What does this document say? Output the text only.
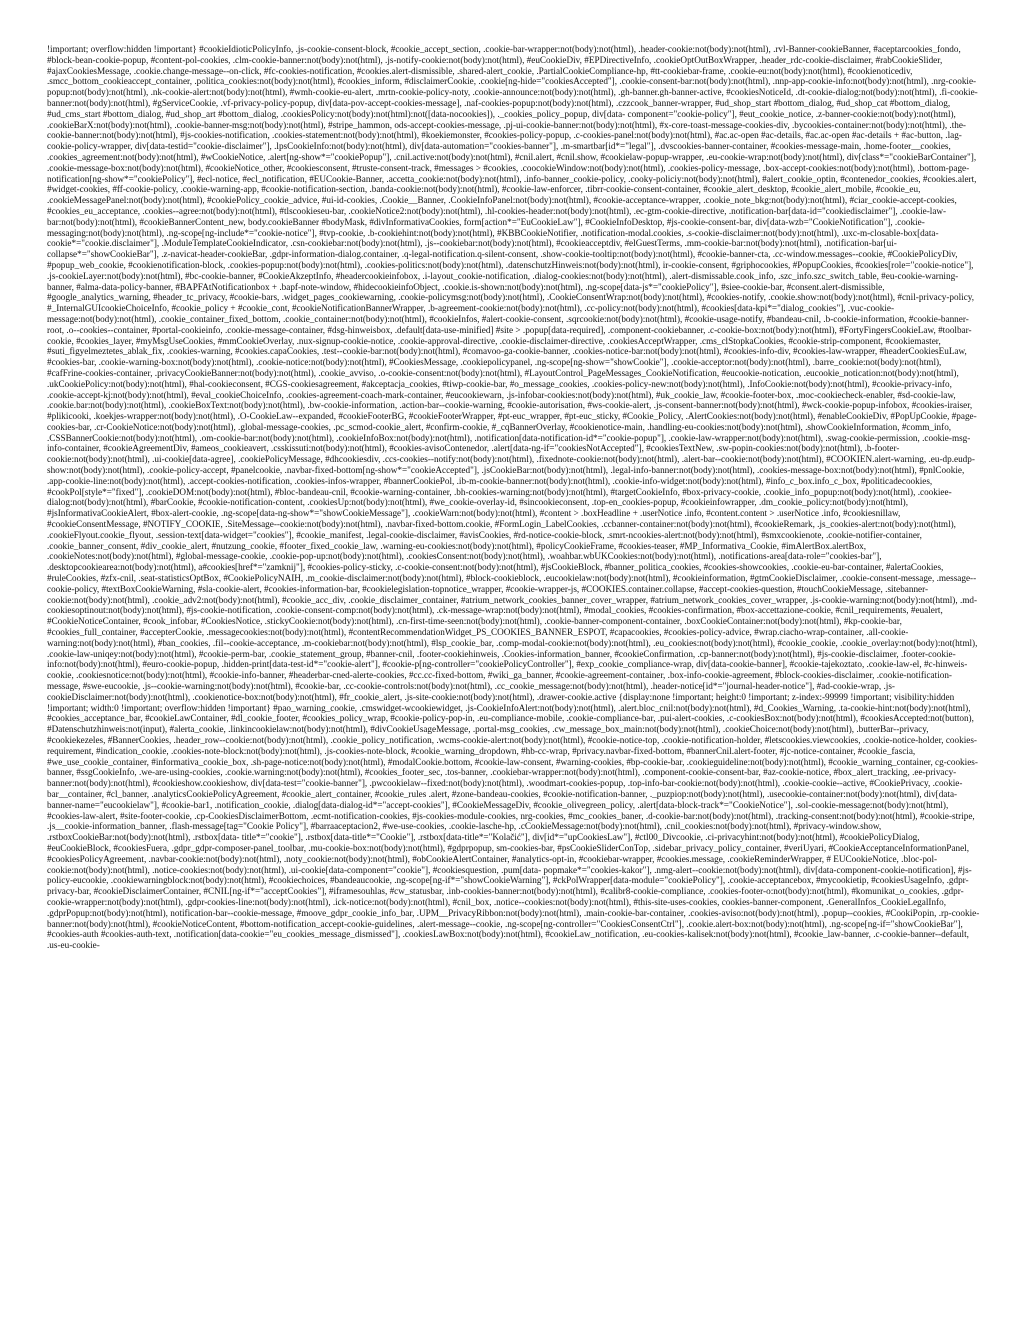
!important; overflow:hidden !important} #cookieIdioticPolicyInfo, .js-cookie-consent-block, #cookie_accept_section, .cookie-bar-wrapper:not(body):not(html), .header-cookie:not(body):not(html), .rvl-Banner-cookieBanner, #aceptarcookies_fondo, #block-bean-cookie-popup, #content-pol-cookies, .clm-cookie-banner:not(body):not(html), .js-notify-cookie:not(body):not(html), #euCookieDiv, #EPDirectiveInfo, .cookieOptOutBoxWrapper, .header_rdc-cookie-disclaimer, #rabCookieSlider, #ajaxCookiesMessage, .cookie.change-message--on-click, #fc-cookies-notification, #cookies.alert-dismissible, .shared-alert_cookie, .PartialCookieCompliance-hp, #tt-cookiebar-frame, .cookie-eu:not(body):not(html), #cookienoticediv, .smcc_bottom_cookieaccept_container, .politica_cookies:not(body):not(html), #cookies_inform, #disclaimerCookie, .cookie[ng-hide="cookiesAccepted"], .cookie-consent-bar:not(body):not(html), .nnp-app-cookie-info:not(body):not(html), .nrg-cookie-popup:not(body):not(html), .nk-cookie-alert:not(body):not(html), #wmh-cookie-eu-alert, .mrtn-cookie-policy-noty, .cookie-announce:not(body):not(html), .gh-banner.gh-banner-active, #cookiesNoticeId, .dt-cookie-dialog:not(body):not(html), .fi-cookie-banner:not(body):not(html), #gServiceCookie, .vf-privacy-policy-popup, div[data-pov-accept-cookies-message], .naf-cookies-popup:not(body):not(html), .czzcook_banner-wrapper, #ud_shop_start #bottom_dialog, #ud_shop_cat #bottom_dialog, #ud_cms_start #bottom_dialog, #ud_shop_art #bottom_dialog, .cookiesPolicy:not(body):not(html):not([data-nocookies]), ._cookies_policy_popup, div[data- component="cookie-policy"], #eut_cookie_notice, .z-banner-cookie:not(body):not(html), .cookieBarX:not(body):not(html), .cookie-banner-msg:not(body):not(html), #stripe_hammon, ods-accept-cookies-message, .pj-ui-cookie-banner:not(body):not(html), #x-core-toast-message-cookies-div, .bycookies-container:not(body):not(html), .the-cookie-banner:not(body):not(html), #js-cookies-notification, .cookies-statement:not(body):not(html), #koekiemonster, #cookies-policy-popup, .c-cookies-panel:not(body):not(html), #ac.ac-open #ac-details, #ac.ac-open #ac-details + #ac-button, .lag-cookie-policy-wrapper, div[data-testid="cookie-disclaimer"], .lpsCookieInfo:not(body):not(html), div[data-automation="cookies-banner"], .m-smartbar[id*="legal"], .dvscookies-banner-container, #cookies-message-main, .home-footer__cookies, .cookies_agreement:not(body):not(html), #wCookieNotice, .alert[ng-show*="cookiePopup"], .cnil.active:not(body):not(html), #cnil.alert, #cnil.show, #cookielaw-popup-wrapper, .eu-cookie-wrap:not(body):not(html), div[class*="cookieBarContainer"], .cookie-message-box:not(body):not(html), #cookieNotice_other, #cookiesconsent, #truste-consent-track, #messages > #cookies, .coocokieWindow:not(body):not(html), .cookies-policy-message, .box-accept-cookies:not(body):not(html), .bottom-page-notification[ng-show*="cookiePolicy"], #ecl-notice, #ecl_notification, #EUCookie-Banner, .accetta_cookie:not(body):not(html), .info-banner_cookie-policy, .cooky-policiy:not(body):not(html), #alert_cookie_optin, #contenedor_cookies, #cookies.alert, #widget-cookies, #ff-cookie-policy, .cookie-warning-app, #cookie-notification-section, .banda-cookie:not(body):not(html), #cookie-law-enforcer, .tibrr-cookie-consent-container, #cookie_alert_desktop, #cookie_alert_mobile, #cookie_eu, .cookieMessagePanel:not(body):not(html), #cookiePolicy_cookie_advice, #ui-id-cookies, .Cookie__Banner, .CookieInfoPanel:not(body):not(html), #cookie-acceptance-wrapper, .cookie_note_bkg:not(body):not(html), #ciar_cookie-accept-cookies, #cookies_eu_acceptance, .cookies--agree:not(body):not(html), #tlscookieseu-bar, .cookieNotice2:not(body):not(html), .hl-cookies-header:not(body):not(html), .ec-gtm-cookie-directive, .notification-bar[data-id="cookiedisclaimer"], .cookie-law-bar:not(body):not(html), #cookieBannerContent_new, body.cookieBanner #bodyMask, #divInformativaCookies, form[action*="EuCookieLaw"], #CookieInfoDesktop, #js-cookie-consent-bar, div[data-wzb="CookieNotification"], .cookie-messaging:not(body):not(html), .ng-scope[ng-include*="cookie-notice"], #tvp-cookie, .b-cookiehint:not(body):not(html), #KBBCookieNotifier, .notification-modal.cookies, .s-cookie-disclaimer:not(body):not(html), .uxc-m-closable-box[data-cookie*="cookie.disclaimer"], .ModuleTemplateCookieIndicator, .csn-cookiebar:not(body):not(html), .js--cookiebar:not(body):not(html), #cookieacceptdiv, #elGuestTerms, .mm-cookie-bar:not(body):not(html), .notification-bar[ui-collapse*="showCookieBar"], .z-navicat-header-cookieBar, .gdpr-information-dialog.container, .q-legal-notification.q-silent-consent, .show-cookie-tooltip:not(body):not(html), #cookie-banner-cta, .cc-window.messages--cookie, #CookiePolicyDiv, #popup_web_cookie, #cookienotification-block, .cookies-popup:not(body):not(html), .cookies-politics:not(body):not(html), .datenschutzHinweis:not(body):not(html), ir-cookie-consent, #griphocookies, #PopupCookies, #cookies[role="cookie-notice"], .js-cookieLayer:not(body):not(html), #bc-cookie-banner, #CookieAkzeptInfo, #headercookieinfobox, .i-layout_cookie-notification, .dialog-cookies:not(body):not(html), .alert-dismissable.cook_info, .szc_info.szc_switch_table, #eu-cookie-warning-banner, #alma-data-policy-banner, #BAPFAtNotificationbox + .bapf-note-window, #hidecookieinfoObject, .cookie.is-shown:not(body):not(html), .ng-scope[data-js*="cookiePolicy"], #siee-cookie-bar, #consent.alert-dismissible, #google_analytics_warning, #header_tc_privacy, #cookie-bars, .widget_pages_cookiewarning, .cookie-policymsg:not(body):not(html), .CookieConsentWrap:not(body):not(html), #cookies-notify, .cookie.show:not(body):not(html), #cnil-privacy-policy, #_InternalGUIcookieChoiceInfo, #cookie_policy + #cookie_cont, #cookieNotificationBannerWrapper, .b-agreement-cookie:not(body):not(html), .cc-policy:not(body):not(html), #cookies[data-kpi*="dialog_cookies"], .vuc-cookie-message:not(body):not(html), .cookie_container_fixed_bottom, .cookie_container:not(body):not(html), #cookieInfos, #alert-cookie-consent, .sqrcookie:not(body):not(html), #cookie-usage-notify, #bandeau-cnil, .b-cookie-information, #cookie-banner-root, .o--cookies--container, #portal-cookieinfo, .cookie-message-container, #dsg-hinweisbox, .default[data-use-minified] #site > .popup[data-required], .component-cookiebanner, .c-cookie-box:not(body):not(html), #FortyFingersCookieLaw, #toolbar-cookie, #cookies_layer, #myMsgUseCookies, #mmCookieOverlay, .nux-signup-cookie-notice, .cookie-approval-directive, .cookie-disclaimer-directive, .cookiesAcceptWrapper, .cms_clStopkaCookies, #cookie-strip-component, #cookiemaster, #suti_figyelmeztetes_ablak_fix, .cookies-warning, #cookies.capaCookies, .test--cookie-bar:not(body):not(html), #comavoo-ga-cookie-banner, .cookies-notice-bar:not(body):not(html), #cookies-info-div, #cookies-law-wrapper, #headerCookiesEuLaw, #cookies-bar, .cookie-warning-box:not(body):not(html), .cookie-notice:not(body):not(html), #CookiesMessage, .cookiepolicypanel, .ng-scope[ng-show="showCookie"], .cookie-acceptor:not(body):not(html), .barre_cookie:not(body):not(html), #cafFrine-cookies-container, .privacyCookieBanner:not(body):not(html), .cookie_avviso, .o-cookie-consent:not(body):not(html), #LayoutControl_PageMessages_CookieNotification, #eucookie-notication, .eucookie_notication:not(body):not(html), .ukCookiePolicy:not(body):not(html), #hal-cookieconsent, #CGS-cookiesagreement, #akceptacja_cookies, #tiwp-cookie-bar, #o_message_cookies, .cookies-policy-new:not(body):not(html), .InfoCookie:not(body):not(html), #cookie-privacy-info, .cookie-accept-kj:not(body):not(html), #eval_cookieChoiceInfo, .cookies-agreement-coach-mark-container, #eucookiewarn, .js-infobar-cookies:not(body):not(html), #uk_cookie_law, #cookie-footer-box, .moc-cookiecheck-enabler, #sd-cookie-law, .cookie.bar:not(body):not(html), .cookieBoxText:not(body):not(html), .bw-cookie-information, .action-bar--cookie-warning, #cookie-autorisation, #ws-cookie-alert, .js-consent-banner:not(body):not(html), #wck-cookie-popup-infobox, #cookies-iraiser, #plikicooki, .koekjes-wrapper:not(body):not(html), .O-CookieLaw--expanded, #cookieFooterBG, #cookieFooterWrapper, #pt-euc_wrapper, #pt-euc_sticky, #Cookie_Policy, .AlertCookies:not(body):not(html), #enableCookieDiv, #PopUpCookie, #page-cookies-bar, .cr-CookieNotice:not(body):not(html), .global-message-cookies, .pc_scmod-cookie_alert, #confirm-cookie, #_cqBannerOverlay, #cookienotice-main, .handling-eu-cookies:not(body):not(html), .showCookieInformation, #comm_info, .CSSBannerCookie:not(body):not(html), .om-cookie-bar:not(body):not(html), .cookieInfoBox:not(body):not(html), .notification[data-notification-id*="cookie-popup"], .cookie-law-wrapper:not(body):not(html), .swag-cookie-permission, .cookie-msg-info-container, #cookieAgreementDiv, #ameos_cookieavert, .csskissuti:not(body):not(html), #cookies-avisoContenedor, .alert[data-ng-if="cookiesNotAccepted"], #cookiesTextNew, .sw-popin-cookies:not(body):not(html), .b-footer-cookie:not(body):not(html), .ui-cookie[data-agree], .cookiePolicyMessage, #dhcookiesdiv, .ccs-cookies--notify:not(body):not(html), .fixednote-cookie:not(body):not(html), .alert-bar--cookie:not(body):not(html), #COOKIEN.alert-warning, .eu-dp.eudp-show:not(body):not(html), .cookie-policy-accept, #panelcookie, .navbar-fixed-bottom[ng-show*="cookieAccepted"], .jsCookieBar:not(body):not(html), .legal-info-banner:not(body):not(html), .cookies-message-box:not(body):not(html), #pnlCookie, .app-cookie-line:not(body):not(html), .accept-cookies-notification, .cookies-infos-wrapper, #bannerCookiePol, .ib-m-cookie-banner:not(body):not(html), .cookie-info-widget:not(body):not(html), #info_c_box.info_c_box, #politicadecookies, #cookPol[style*="fixed"], .cookieDOM:not(body):not(html), #bloc-bandeau-cnil, #cookie-warning-container, .bh-cookies-warning:not(body):not(html), #targetCookieInfo, #box-privacy-cookie, .cookie_info_popup:not(body):not(html), .cookiee-dialog:not(body):not(html), #barCookie, #cookie-notification-content, .cookiesUp:not(body):not(html), #we_cookie-overlay-id, #sincookieconsent, .top-en_cookies-popup, #cookieinfowrapper, .dm_cookie_policy:not(body):not(html), #jsInformativaCookieAlert, #box-alert-cookie, .ng-scope[data-ng-show*="showCookieMessage"], .cookieWarn:not(body):not(html), #content > .boxHeadline + .userNotice .info, #content.content > .userNotice .info, #cookiesnillaw, #cookieConsentMessage, #NOTIFY_COOKIE, .SiteMessage--cookie:not(body):not(html), .navbar-fixed-bottom.cookie, #FormLogin_LabelCookies, .ccbanner-container:not(body):not(html), #cookieRemark, .js_cookies-alert:not(body):not(html), .cookieFlyout.cookie_flyout, .session-text[data-widget="cookies"], #cookie_manifest, .legal-cookie-disclaimer, #avisCookies, #rd-notice-cookie-block, .smrt-ncookies-alert:not(body):not(html), #smxcookienote, .cookie-notifier-container, .cookie_banner_consent, #div_cookie_alert, #nutzung_cookie, #footer_fixed_cookie_law, .warning-eu-cookies:not(body):not(html), #policyCookieFrame, #cookies-teaser, #MP_Informativa_Cookie, #imAlertBox.alertBox, .cookieNotes:not(body):not(html), #global-message-cookie, .cookie-pop-up:not(body):not(html), .cookiesConsent:not(body):not(html), .woahbar.wbUKCookies:not(body):not(html), .notifications-area[data-role="cookies-bar"], .desktopcookiearea:not(body):not(html), a#cookies[href*="zamknij"], #cookies-policy-sticky, .c-cookie-consent:not(body):not(html), #jsCookieBlock, #banner_politica_cookies, #cookies-showcookies, .cookie-eu-bar-container, #alertaCookies, #ruleCookies, #zfx-cnil, .seat-statisticsOptBox, #CookiePolicyNAIH, .m_cookie-disclaimer:not(body):not(html), #block-cookieblock, .eucookielaw:not(body):not(html), #cookieinformation, #gtmCookieDisclaimer, .cookie-consent-message, .message--cookie-policy, #textBoxCookieWarning, #sla-cookie-alert, #cookies-information-bar, #cookielegislation-topnotice_wrapper, #cookie-wrapper-js, #COOKIES.container.collapse, #accept-cookies-question, #touchCookieMessage, .sitebanner-cookie:not(body):not(html), .cookie_adv2:not(body):not(html), #cookie_acc_div, .cookie_disclaimer_container, #atrium_network_cookies_banner_cover_wrapper, #atrium_network_cookies_cover_wrapper, .js-cookie-warning:not(body):not(html), .md-cookiesoptinout:not(body):not(html), #js-cookie-notification, .cookie-consent-comp:not(body):not(html), .ck-message-wrap:not(body):not(html), #modal_cookies, #cookies-confirmation, #box-accettazione-cookie, #cnil_requirements, #eualert, #CookieNoticeContainer, #cook_infobar, #CookiesNotice, .stickyCookie:not(body):not(html), .cn-first-time-seen:not(body):not(html), .cookie-banner-component-container, .boxCookieContainer:not(body):not(html), #kp-cookie-bar, #cookies_full_container, #accepterCookie, .messagecookies:not(body):not(html), #contentRecommendationWidget_PS_COOKIES_BANNER_ESPOT, #capacookies, #cookies-policy-advice, #wrap.ciacho-wrap-container, .all-cookie-warning:not(body):not(html), #ban_cookies, .fil--cookie-acceptance, .m-cookiebar:not(body):not(html), #lsp_cookie_bar, .comp-modal-cookie:not(body):not(html), .eu_cookies:not(body):not(html), #cookie_cookie, .cookie_overlay:not(body):not(html), .cookie-law-uniqey:not(body):not(html), #cookie-perm-bar, .cookie_statement_group, #banner-cnil, .footer-cookiehinweis, .Cookies-information_banner, #cookieConfirmation, .cp-banner:not(body):not(html), #js-cookie-disclaimer, .footer-cookie-info:not(body):not(html), #euro-cookie-popup, .hidden-print[data-test-id*="cookie-alert"], #cookie-p[ng-controller="cookiePolicyController"], #exp_cookie_compliance-wrap, div[data-cookie-banner], #cookie-tajekoztato, .cookie-law-el, #c-hinweis-cookie, .cookiesnotice:not(body):not(html), #cookie-info-banner, #headerbar-cned-alerte-cookies, #cc.cc-fixed-bottom, #wiki_ga_banner, #cookie-agreement-container, .box-info-cookie-agreement, #block-cookies-disclaimer, .cookie-notification-message, #swe-eucookie, .js--cookie-warning:not(body):not(html), #cookie-bar, .cc-cookie-controls:not(body):not(html), .cc_cookie_message:not(body):not(html), .header-notice[id*="journal-header-notice"], #ad-cookie-wrap, .js-cookieDisclaimer:not(body):not(html), .cookienotice-box:not(body):not(html), #fr_cookie_alert, .js-site-cookie:not(body):not(html), .drawer-cookie.active {display:none !important; height:0 !important; z-index:-99999 !important; visibility:hidden !important; width:0 !important; overflow:hidden !important} #pao_warning_cookie, .cmswidget-wcookiewidget, .js-CookieInfoAlert:not(body):not(html), .alert.bloc_cnil:not(body):not(html), #d_Cookies_Warning, .ta-cookie-hint:not(body):not(html), #cookies_acceptance_bar, #cookieLawContainer, #dl_cookie_footer, #cookies_policy_wrap, #cookie-policy-pop-in, .eu-compliance-mobile, .cookie-compliance-bar, .pui-alert-cookies, .c-cookiesBox:not(body):not(html), #cookiesAccepted:not(button), #Datenschutzhinweis:not(input), #alerta_cookie, .linkincookielaw:not(body):not(html), #divCookieUsageMessage, .portal-msg_cookies, .cw_message_box_main:not(body):not(html), .cookieChoice:not(body):not(html), .butterBar--privacy, #cookiekezeles, #BannerCookies, .header_row--cookie:not(body):not(html), .cookie_policy_notification, .wcms-cookie-alert:not(body):not(html), #cookie-notice-top, .cookie-notification-holder, #letscookies.viewcookies, .cookie-notice-holder, cookies-requirement, #indication_cookie, .cookies-note-block:not(body):not(html), .js-cookies-note-block, #cookie_warning_dropdown, #hb-cc-wrap, #privacy.navbar-fixed-bottom, #bannerCnil.alert-footer, #jc-notice-container, #cookie_fascia, #we_use_cookie_container, #informativa_cookie_box, .sh-page-notice:not(body):not(html), #modalCookie.bottom, #cookie-law-consent, #warning-cookies, #bp-cookie-bar, .cookieguideline:not(body):not(html), #cookie_warning_container, cg-cookies-banner, #ssgCookieInfo, .we-are-using-cookies, .cookie.warning:not(body):not(html), #cookies_footer_sec, .tos-banner, .cookiebar-wrapper:not(body):not(html), .component-cookie-consent-bar, #az-cookie-notice, #box_alert_tracking, .ee-privacy-banner:not(body):not(html), #cookieshow.cookieshow, div[data-test="cookie-banner"], .pwcookielaw--fixed:not(body):not(html), .woodmart-cookies-popup, .top-info-bar-cookie:not(body):not(html), .cookie-cookie--active, #CookiePrivacy, .cookie-bar__container, #cl_banner, .analyticsCookiePolicyAgreement, #cookie_alert_container, #cookie_rules .alert, #zone-bandeau-cookies, #cookie-notification-banner, ._puzpiop:not(body):not(html), .usecookie-container:not(body):not(html), div[data-banner-name="eucookielaw"], #cookie-bar1, .notification_cookie, .dialog[data-dialog-id*="accept-cookies"], #CookieMessageDiv, #cookie_olivegreen_policy, .alert[data-block-track*="CookieNotice"], .sol-cookie-message:not(body):not(html), #cookies-law-alert, #site-footer-cookie, .cp-CookiesDisclaimerBottom, .ecmt-notification-cookies, #js-cookies-module-cookies, nrg-cookies, #mc_cookies_baner, .d-cookie-bar:not(body):not(html), .tracking-consent:not(body):not(html), #cookie-stripe, .js__cookie-information_banner, .flash-message[tag="Cookie Policy"], #barraaceptacion2, #we-use-cookies, .cookie-lasche-hp, .cCookieMessage:not(body):not(html), .cnil_cookies:not(body):not(html), #privacy-window.show, .rstboxCookieBar:not(body):not(html), .rstbox[data- title*="cookie"], .rstbox[data-title*="Cookie"], .rstbox[data-title*="Kolačić"], div[id*="upCookiesLaw"], #ctl00_Divcookie, .ci-privacyhint:not(body):not(html), #cookiePolicyDialog, #euCookieBlock, #cookiesFuera, .gdpr_gdpr-composer-panel_toolbar, .mu-cookie-box:not(body):not(html), #gdprpopup, sm-cookies-bar, #psCookieSliderConTop, .sidebar_privacy_policy_container, #veriUyari, #CookieAcceptanceInformationPanel, #cookiesPolicyAgreement, .navbar-cookie:not(body):not(html), .noty_cookie:not(body):not(html), #obCookieAlertContainer, #analytics-opt-in, #cookiebar-wrapper, #cookies.message, .cookieReminderWrapper, # EUCookieNotice, .bloc-pol-cookie:not(body):not(html), .notice-cookies:not(body):not(html), .ui-cookie[data-component="cookie"], #cookiesquestion, .pum[data- popmake*="cookies-kakor"], .nmg-alert--cookie:not(body):not(html), div[data-component-cookie-notification], #js-policy-eucookie, .cookiewarningblock:not(body):not(html), #cookiechoices, #bandeaucookie, .ng-scope[ng-if*="showCookieWarning"], #ckPolWrapper[data-module="cookiePolicy"], .cookie-acceptancebox, #mycookietip, #cookiesUsageInfo, .gdpr-privacy-bar, #cookieDisclaimerContainer, #CNIL[ng-if*="acceptCookies"], #iframesouhlas, #cw_statusbar, .inb-cookies-banner:not(body):not(html), #calibr8-cookie-compliance, .cookies-footer-o:not(body):not(html), #komunikat_o_cookies, .gdpr-cookie-wrapper:not(body):not(html), .gdpr-cookies-line:not(body):not(html), .ick-notice:not(body):not(html), #cnil_box, .notice--cookies:not(body):not(html), #this-site-uses-cookies, cookies-banner-component, .GeneralInfos_CookieLegalInfo, .gdprPopup:not(body):not(html), notification-bar--cookie-message, #moove_gdpr_cookie_info_bar, .UPM__PrivacyRibbon:not(body):not(html), .main-cookie-bar-container, .cookies-aviso:not(body):not(html), .popup--cookies, #CookiPopin, .rp-cookie-banner:not(body):not(html), #cookieNoticeContent, #bottom-notification_accept-cookie-guidelines, .alert-message--cookie, .ng-scope[ng-controller="CookiesConsentCtrl"], .cookie.alert-box:not(body):not(html), .ng-scope[ng-if="showCookieBar"], #cookies-auth #cookies-auth-text, .notification[data-cookie="eu_cookies_message_dismissed"], .cookiesLawBox:not(body):not(html), #cookieLaw_notification, .eu-cookies-kalisek:not(body):not(html), #cookie_law-banner, .c-cookie-banner--default, .us-eu-cookie-
